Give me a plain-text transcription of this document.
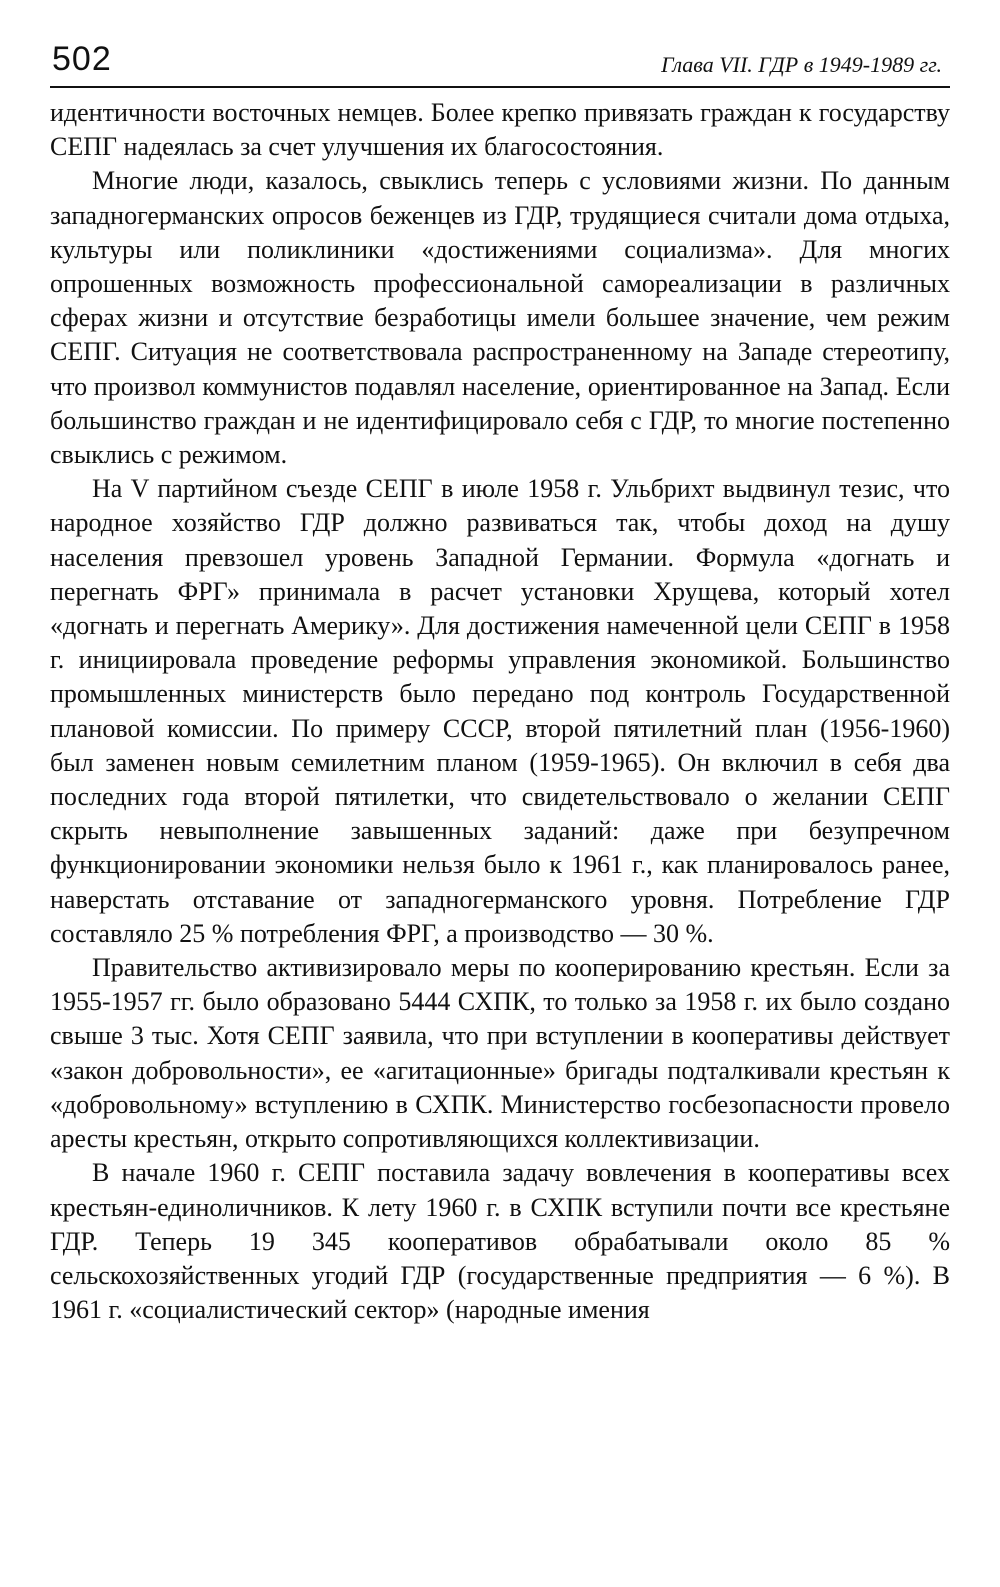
502	Глава VII. ГДР в 1949-1989 гг.

идентичности восточных немцев. Более крепко привязать граждан к государству СЕПГ надеялась за счет улучшения их благосостояния.

Многие люди, казалось, свыклись теперь с условиями жизни. По данным западногерманских опросов беженцев из ГДР, трудящиеся считали дома отдыха, культуры или поликлиники «достижениями социализма». Для многих опрошенных возможность профессиональной самореализации в различных сферах жизни и отсутствие безработицы имели большее значение, чем режим СЕПГ. Ситуация не соответствовала распространенному на Западе стереотипу, что произвол коммунистов подавлял население, ориентированное на Запад. Если большинство граждан и не идентифицировало себя с ГДР, то многие постепенно свыклись с режимом.

На V партийном съезде СЕПГ в июле 1958 г. Ульбрихт выдвинул тезис, что народное хозяйство ГДР должно развиваться так, чтобы доход на душу населения превзошел уровень Западной Германии. Формула «догнать и перегнать ФРГ» принимала в расчет установки Хрущева, который хотел «догнать и перегнать Америку». Для достижения намеченной цели СЕПГ в 1958 г. инициировала проведение реформы управления экономикой. Большинство промышленных министерств было передано под контроль Государственной плановой комиссии. По примеру СССР, второй пятилетний план (1956-1960) был заменен новым семилетним планом (1959-1965). Он включил в себя два последних года второй пятилетки, что свидетельствовало о желании СЕПГ скрыть невыполнение завышенных заданий: даже при безупречном функционировании экономики нельзя было к 1961 г., как планировалось ранее, наверстать отставание от западногерманского уровня. Потребление ГДР составляло 25 % потребления ФРГ, а производство — 30 %.

Правительство активизировало меры по кооперированию крестьян. Если за 1955-1957 гг. было образовано 5444 СХПК, то только за 1958 г. их было создано свыше 3 тыс. Хотя СЕПГ заявила, что при вступлении в кооперативы действует «закон добровольности», ее «агитационные» бригады подталкивали крестьян к «добровольному» вступлению в СХПК. Министерство госбезопасности провело аресты крестьян, открыто сопротивляющихся коллективизации.

В начале 1960 г. СЕПГ поставила задачу вовлечения в кооперативы всех крестьян-единоличников. К лету 1960 г. в СХПК вступили почти все крестьяне ГДР. Теперь 19 345 кооперативов обрабатывали около 85 % сельскохозяйственных угодий ГДР (государственные предприятия — 6 %). В 1961 г. «социалистический сектор» (народные имения
